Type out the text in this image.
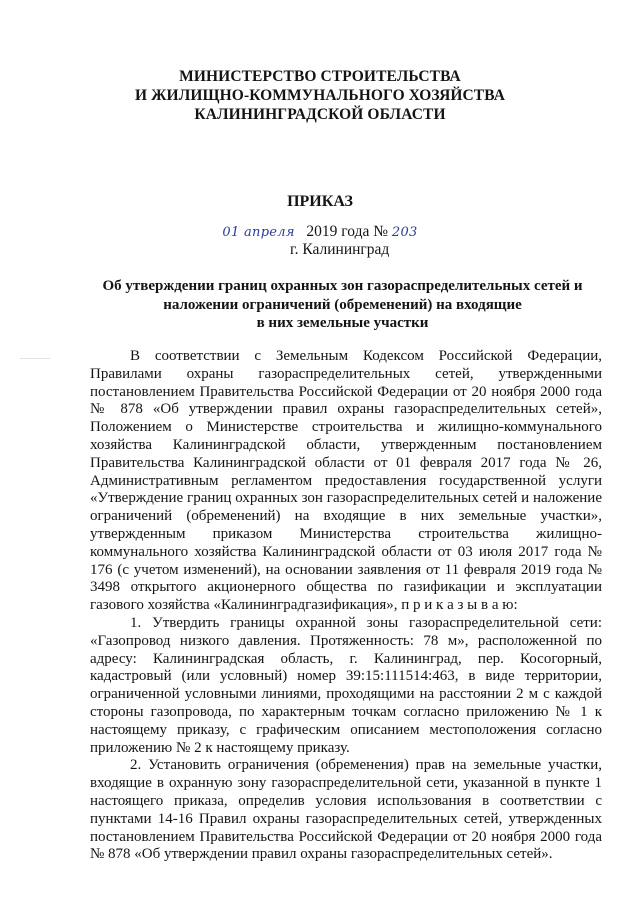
МИНИСТЕРСТВО СТРОИТЕЛЬСТВА
И ЖИЛИЩНО-КОММУНАЛЬНОГО ХОЗЯЙСТВА
КАЛИНИНГРАДСКОЙ ОБЛАСТИ
ПРИКАЗ
01 апреля 2019 года № 203
г. Калининград
Об утверждении границ охранных зон газораспределительных сетей и
наложении ограничений (обременений) на входящие
в них земельные участки

В соответствии с Земельным Кодексом Российской Федерации, Правилами охраны газораспределительных сетей, утвержденными постановлением Правительства Российской Федерации от 20 ноября 2000 года № 878 «Об утверждении правил охраны газораспределительных сетей», Положением о Министерстве строительства и жилищно-коммунального хозяйства Калининградской области, утвержденным постановлением Правительства Калининградской области от 01 февраля 2017 года № 26, Административным регламентом предоставления государственной услуги «Утверждение границ охранных зон газораспределительных сетей и наложение ограничений (обременений) на входящие в них земельные участки», утвержденным приказом Министерства строительства жилищно-коммунального хозяйства Калининградской области от 03 июля 2017 года № 176 (с учетом изменений), на основании заявления от 11 февраля 2019 года № 3498 открытого акционерного общества по газификации и эксплуатации газового хозяйства «Калининградгазификация», п р и к а з ы в а ю:

1. Утвердить границы охранной зоны газораспределительной сети: «Газопровод низкого давления. Протяженность: 78 м», расположенной по адресу: Калининградская область, г. Калининград, пер. Косогорный, кадастровый (или условный) номер 39:15:111514:463, в виде территории, ограниченной условными линиями, проходящими на расстоянии 2 м с каждой стороны газопровода, по характерным точкам согласно приложению № 1 к настоящему приказу, с графическим описанием местоположения согласно приложению № 2 к настоящему приказу.

2. Установить ограничения (обременения) прав на земельные участки, входящие в охранную зону газораспределительной сети, указанной в пункте 1 настоящего приказа, определив условия использования в соответствии с пунктами 14-16 Правил охраны газораспределительных сетей, утвержденных постановлением Правительства Российской Федерации от 20 ноября 2000 года № 878 «Об утверждении правил охраны газораспределительных сетей».
